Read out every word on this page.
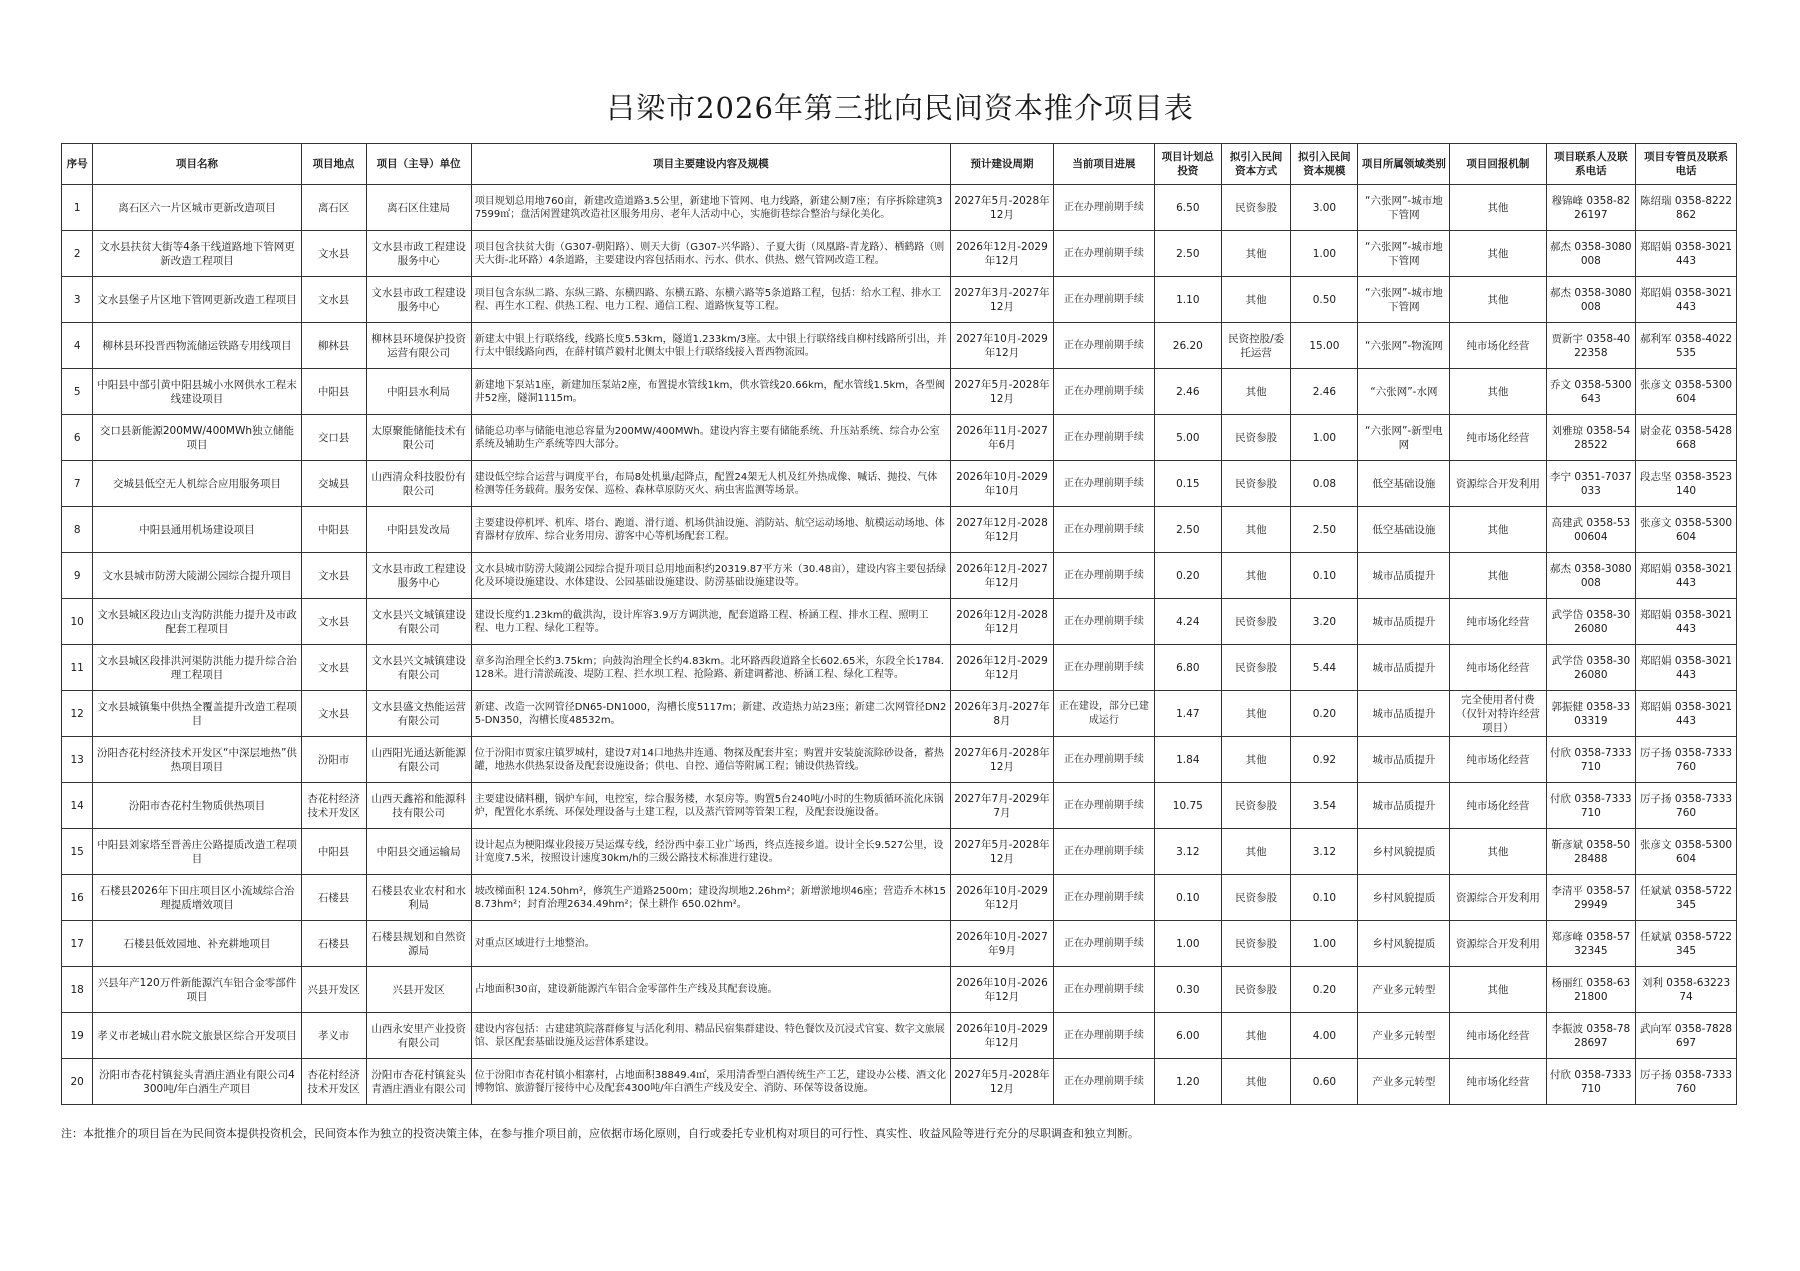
吕梁市2026年第三批向民间资本推介项目表
序号	项目名称	项目地点	项目（主导）单位	项目主要建设内容及规模	预计建设周期	当前项目进展	项目计划总投资	拟引入民间资本方式	拟引入民间资本规模	项目所属领域类别	项目回报机制	项目联系人及联系电话	项目专管员及联系电话
1	离石区六一片区城市更新改造项目	离石区	离石区住建局	项目规划总用地760亩，新建改造道路3.5公里，新建地下管网、电力线路，新建公厕7座；有序拆除建筑37599㎡；盘活闲置建筑改造社区服务用房、老年人活动中心，实施街巷综合整治与绿化美化。	2027年5月-2028年12月	正在办理前期手续	6.50	民资参股	3.00	“六张网”-城市地下管网	其他	穆锦峰 0358-8226197	陈绍瑞 0358-8222862
2	文水县扶贫大街等4条干线道路地下管网更新改造工程项目	文水县	文水县市政工程建设服务中心	项目包含扶贫大街（G307-朝阳路）、则天大街（G307-兴华路）、子夏大街（凤凰路-青龙路）、栖鹤路（则天大街-北环路）4条道路，主要建设内容包括雨水、污水、供水、供热、燃气管网改造工程。	2026年12月-2029年12月	正在办理前期手续	2.50	其他	1.00	“六张网”-城市地下管网	其他	郝杰 0358-3080008	郑昭娟 0358-3021443
3	文水县堡子片区地下管网更新改造工程项目	文水县	文水县市政工程建设服务中心	项目包含东纵二路、东纵三路、东横四路、东横五路、东横六路等5条道路工程，包括：给水工程、排水工程、再生水工程、供热工程、电力工程、通信工程、道路恢复等工程。	2027年3月-2027年12月	正在办理前期手续	1.10	其他	0.50	“六张网”-城市地下管网	其他	郝杰 0358-3080008	郑昭娟 0358-3021443
4	柳林县环投晋西物流储运铁路专用线项目	柳林县	柳林县环境保护投资运营有限公司	新建太中银上行联络线，线路长度5.53km，隧道1.233km/3座。太中银上行联络线自柳村线路所引出，并行太中银线路向西，在薛村镇芦毅村北侧太中银上行联络线接入晋西物流园。	2027年10月-2029年12月	正在办理前期手续	26.20	民资控股/委托运营	15.00	“六张网”-物流网	纯市场化经营	贾新宇 0358-4022358	郝利军 0358-4022535
5	中阳县中部引黄中阳县城小水网供水工程末线建设项目	中阳县	中阳县水利局	新建地下泵站1座，新建加压泵站2座，布置提水管线1km，供水管线20.66km，配水管线1.5km，各型阀井52座，隧洞1115m。	2027年5月-2028年12月	正在办理前期手续	2.46	其他	2.46	“六张网”-水网	其他	乔文 0358-5300643	张彦文 0358-5300604
6	交口县新能源200MW/400MWh独立储能项目	交口县	太原聚能储能技术有限公司	储能总功率与储能电池总容量为200MW/400MWh。建设内容主要有储能系统、升压站系统、综合办公室系统及辅助生产系统等四大部分。	2026年11月-2027年6月	正在办理前期手续	5.00	民资参股	1.00	“六张网”-新型电网	纯市场化经营	刘雅琼 0358-5428522	尉金花 0358-5428668
7	交城县低空无人机综合应用服务项目	交城县	山西清众科技股份有限公司	建设低空综合运营与调度平台，布局8处机巢/起降点，配置24架无人机及红外热成像、喊话、抛投、气体检测等任务载荷。服务安保、巡检、森林草原防灭火、病虫害监测等场景。	2026年10月-2029年10月	正在办理前期手续	0.15	民资参股	0.08	低空基础设施	资源综合开发利用	李宁 0351-7037033	段志坚 0358-3523140
8	中阳县通用机场建设项目	中阳县	中阳县发改局	主要建设停机坪、机库、塔台、跑道、滑行道、机场供油设施、消防站、航空运动场地、航模运动场地、体育器材存放库、综合业务用房、游客中心等机场配套工程。	2027年12月-2028年12月	正在办理前期手续	2.50	其他	2.50	低空基础设施	其他	高建武 0358-5300604	张彦文 0358-5300604
9	文水县城市防涝大陵湖公园综合提升项目	文水县	文水县市政工程建设服务中心	文水县城市防涝大陵湖公园综合提升项目总用地面积约20319.87平方米（30.48亩），建设内容主要包括绿化及环境设施建设、水体建设、公园基础设施建设、防涝基础设施建设等。	2026年12月-2027年12月	正在办理前期手续	0.20	其他	0.10	城市品质提升	其他	郝杰 0358-3080008	郑昭娟 0358-3021443
10	文水县城区段边山支沟防洪能力提升及市政配套工程项目	文水县	文水县兴文城镇建设有限公司	建设长度约1.23km的截洪沟，设计库容3.9万方调洪池，配套道路工程、桥涵工程、排水工程、照明工程、电力工程、绿化工程等。	2026年12月-2028年12月	正在办理前期手续	4.24	民资参股	3.20	城市品质提升	纯市场化经营	武学岱 0358-3026080	郑昭娟 0358-3021443
11	文水县城区段排洪河渠防洪能力提升综合治理工程项目	文水县	文水县兴文城镇建设有限公司	章多沟治理全长约3.75km；向鼓沟治理全长约4.83km。北环路西段道路全长602.65米，东段全长1784.128米。进行清淤疏浚、堤防工程、拦水坝工程、抢险路、新建调蓄池、桥涵工程、绿化工程等。	2026年12月-2029年12月	正在办理前期手续	6.80	民资参股	5.44	城市品质提升	纯市场化经营	武学岱 0358-3026080	郑昭娟 0358-3021443
12	文水县城镇集中供热全覆盖提升改造工程项目	文水县	文水县盛文热能运营有限公司	新建、改造一次网管径DN65-DN1000，沟槽长度5117m；新建、改造热力站23座；新建二次网管径DN25-DN350，沟槽长度48532m。	2026年3月-2027年8月	正在建设，部分已建成运行	1.47	其他	0.20	城市品质提升	完全使用者付费（仅针对特许经营项目）	郭振健 0358-3303319	郑昭娟 0358-3021443
13	汾阳杏花村经济技术开发区“中深层地热”供热项目项目	汾阳市	山西阳光通达新能源有限公司	位于汾阳市贾家庄镇罗城村，建设7对14口地热井连通、物探及配套井室；购置并安装旋流除砂设备，蓄热罐，地热水供热泵设备及配套设施设备；供电、自控、通信等附属工程；铺设供热管线。	2027年6月-2028年12月	正在办理前期手续	1.84	其他	0.92	城市品质提升	纯市场化经营	付欣 0358-7333710	厉子扬 0358-7333760
14	汾阳市杏花村生物质供热项目	杏花村经济技术开发区	山西天鑫裕和能源科技有限公司	主要建设储料棚，锅炉车间，电控室，综合服务楼，水泵房等。购置5台240吨/小时的生物质循环流化床锅炉，配置化水系统、环保处理设备与土建工程，以及蒸汽管网等管架工程，及配套设施设备。	2027年7月-2029年7月	正在办理前期手续	10.75	民资参股	3.54	城市品质提升	纯市场化经营	付欣 0358-7333710	厉子扬 0358-7333760
15	中阳县刘家塔至晋善庄公路提质改造工程项目	中阳县	中阳县交通运输局	设计起点为梗阳煤业段接万昊运煤专线，经汾西中泰工业广场西，终点连接乡道。设计全长9.527公里，设计宽度7.5米，按照设计速度30km/h的三级公路技术标准进行建设。	2027年5月-2028年12月	正在办理前期手续	3.12	其他	3.12	乡村风貌提质	其他	靳彦斌 0358-5028488	张彦文 0358-5300604
16	石楼县2026年下田庄项目区小流域综合治理提质增效项目	石楼县	石楼县农业农村和水利局	坡改梯面积 124.50hm²，修筑生产道路2500m；建设沟坝地2.26hm²；新增淤地坝46座；营造乔木林158.73hm²；封育治理2634.49hm²；保土耕作 650.02hm²。	2026年10月-2029年12月	正在办理前期手续	0.10	民资参股	0.10	乡村风貌提质	资源综合开发利用	李清平 0358-5729949	任斌斌 0358-5722345
17	石楼县低效园地、补充耕地项目	石楼县	石楼县规划和自然资源局	对重点区域进行土地整治。	2026年10月-2027年9月	正在办理前期手续	1.00	民资参股	1.00	乡村风貌提质	资源综合开发利用	郑彦峰 0358-5732345	任斌斌 0358-5722345
18	兴县年产120万件新能源汽车铝合金零部件项目	兴县开发区	兴县开发区	占地面积30亩，建设新能源汽车铝合金零部件生产线及其配套设施。	2026年10月-2026年12月	正在办理前期手续	0.30	民资参股	0.20	产业多元转型	其他	杨丽红 0358-6321800	刘利 0358-6322374
19	孝义市老城山君水院文旅景区综合开发项目	孝义市	山西永安里产业投资有限公司	建设内容包括：古建建筑院落群修复与活化利用、精品民宿集群建设、特色餐饮及沉浸式官宴、数字文旅展馆、景区配套基础设施及运营体系建设。	2026年10月-2029年12月	正在办理前期手续	6.00	其他	4.00	产业多元转型	纯市场化经营	李振波 0358-7828697	武向军 0358-7828697
20	汾阳市杏花村镇瓮头青酒庄酒业有限公司4300吨/年白酒生产项目	杏花村经济技术开发区	汾阳市杏花村镇瓮头青酒庄酒业有限公司	位于汾阳市杏花村镇小相寨村，占地面积38849.4㎡，采用清香型白酒传统生产工艺，建设办公楼、酒文化博物馆、旅游餐厅接待中心及配套4300吨/年白酒生产线及安全、消防、环保等设备设施。	2027年5月-2028年12月	正在办理前期手续	1.20	其他	0.60	产业多元转型	纯市场化经营	付欣 0358-7333710	厉子扬 0358-7333760

注：本批推介的项目旨在为民间资本提供投资机会，民间资本作为独立的投资决策主体，在参与推介项目前，应依据市场化原则，自行或委托专业机构对项目的可行性、真实性、收益风险等进行充分的尽职调查和独立判断。
